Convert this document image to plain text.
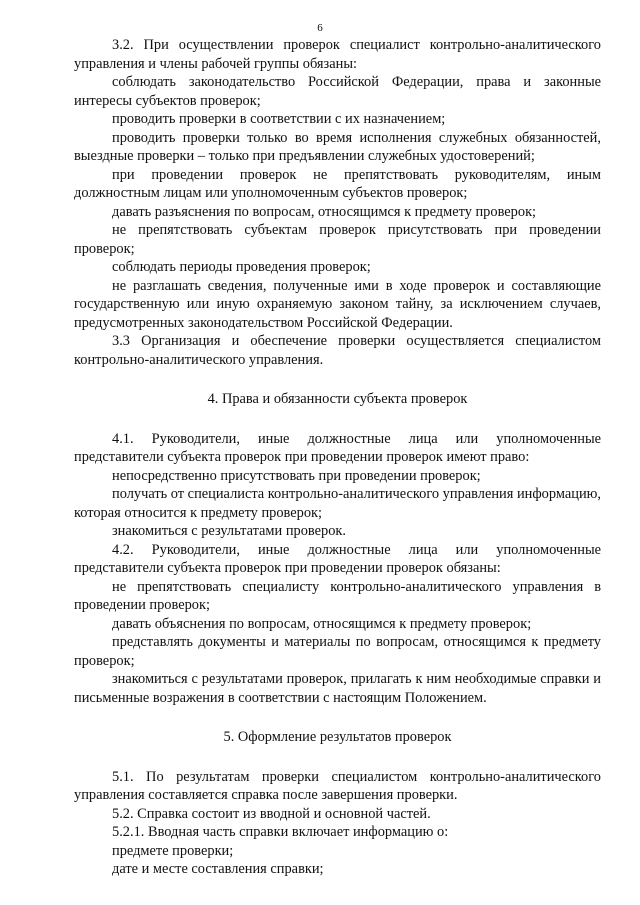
6

3.2. При осуществлении проверок специалист контрольно-аналитического управления и члены рабочей группы обязаны:

соблюдать законодательство Российской Федерации, права и законные интересы субъектов проверок;

проводить проверки в соответствии с их назначением;

проводить проверки только во время исполнения служебных обязанностей, выездные проверки – только при предъявлении служебных удостоверений;

при проведении проверок не препятствовать руководителям, иным должностным лицам или уполномоченным субъектов проверок;

давать разъяснения по вопросам, относящимся к предмету проверок;

не препятствовать субъектам проверок присутствовать при проведении проверок;

соблюдать периоды проведения проверок;

не разглашать сведения, полученные ими в ходе проверок и составляющие государственную или иную охраняемую законом тайну, за исключением случаев, предусмотренных законодательством Российской Федерации.

3.3 Организация и обеспечение проверки осуществляется специалистом контрольно-аналитического управления.

4. Права и обязанности субъекта проверок

4.1. Руководители, иные должностные лица или уполномоченные представители субъекта проверок при проведении проверок имеют право:

непосредственно присутствовать при проведении проверок;

получать от специалиста контрольно-аналитического управления информацию, которая относится к предмету проверок;

знакомиться с результатами проверок.

4.2. Руководители, иные должностные лица или уполномоченные представители субъекта проверок при проведении проверок обязаны:

не препятствовать специалисту контрольно-аналитического управления в проведении проверок;

давать объяснения по вопросам, относящимся к предмету проверок;

представлять документы и материалы по вопросам, относящимся к предмету проверок;

знакомиться с результатами проверок, прилагать к ним необходимые справки и письменные возражения в соответствии с настоящим Положением.

5. Оформление результатов проверок

5.1. По результатам проверки специалистом контрольно-аналитического управления составляется справка после завершения проверки.

5.2. Справка состоит из вводной и основной частей.

5.2.1. Вводная часть справки включает информацию о:

предмете проверки;

дате и месте составления справки;
